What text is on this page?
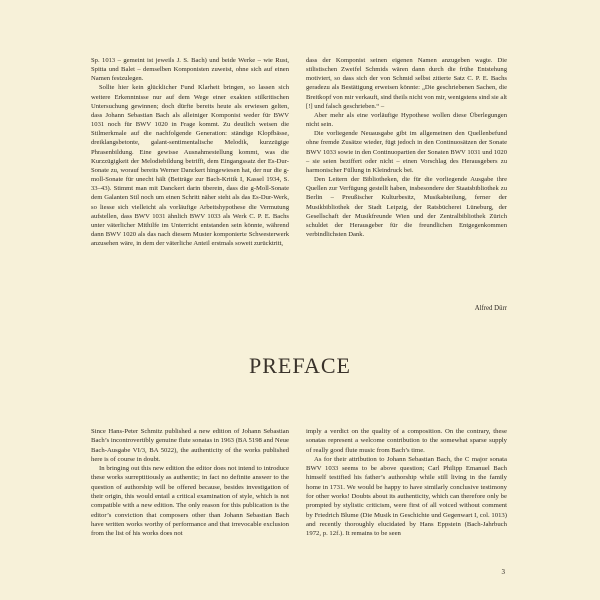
Sp. 1013 – gemeint ist jeweils J. S. Bach) und beide Werke – wie Rust, Spitta und Balet – demselben Komponisten zuweist, ohne sich auf einen Namen festzulegen.

Sollte hier kein glücklicher Fund Klarheit bringen, so lassen sich weitere Erkenntnisse nur auf dem Wege einer exakten stilkritischen Untersuchung gewinnen; doch dürfte bereits heute als erwiesen gelten, dass Johann Sebastian Bach als alleiniger Komponist weder für BWV 1031 noch für BWV 1020 in Frage kommt. Zu deutlich weisen die Stilmerkmale auf die nachfolgende Generation: ständige Klopfbässe, dreiklangsbetonte, galant-sentimentalische Melodik, kurzzügige Phrasenbildung. Eine gewisse Ausnahmestellung kommt, was die Kurzzügigkeit der Melodiebildung betrifft, dem Eingangssatz der Es-Dur-Sonate zu, worauf bereits Werner Danckert hingewiesen hat, der nur die g-moll-Sonate für unecht hält (Beiträge zur Bach-Kritik I, Kassel 1934, S. 33–43). Stimmt man mit Danckert darin überein, dass die g-Moll-Sonate dem Galanten Stil noch um einen Schritt näher steht als das Es-Dur-Werk, so liesse sich vielleicht als vorläufige Arbeitshypothese die Vermutung aufstellen, dass BWV 1031 ähnlich BWV 1033 als Werk C. P. E. Bachs unter väterlicher Mithilfe im Unterricht entstanden sein könnte, während dann BWV 1020 als das nach diesem Muster komponierte Schwesterwerk anzusehen wäre, in dem der väterliche Anteil erstmals soweit zurücktritt,

dass der Komponist seinen eigenen Namen anzugeben wagte. Die stilistischen Zweifel Schmids wären dann durch die frühe Entstehung motiviert, so dass sich der von Schmid selbst zitierte Satz C. P. E. Bachs geradezu als Bestätigung erweisen könnte: „Die geschriebenen Sachen, die Breitkopf von mir verkauft, sind theils nicht von mir, wenigstens sind sie alt [!] und falsch geschrieben.“ –

Aber mehr als eine vorläufige Hypothese wollen diese Überlegungen nicht sein.

Die vorliegende Neuausgabe gibt im allgemeinen den Quellenbefund ohne fremde Zusätze wieder, fügt jedoch in den Continuosätzen der Sonate BWV 1033 sowie in den Continuopartien der Sonaten BWV 1031 und 1020 – sie seien beziffert oder nicht – einen Vorschlag des Herausgebers zu harmonischer Füllung in Kleindruck bei.

Den Leitern der Bibliotheken, die für die vorliegende Ausgabe ihre Quellen zur Verfügung gestellt haben, insbesondere der Staatsbibliothek zu Berlin – Preußischer Kulturbesitz, Musikabteilung, ferner der Musikbibliothek der Stadt Leipzig, der Ratsbücherei Lüneburg, der Gesellschaft der Musikfreunde Wien und der Zentralbibliothek Zürich schuldet der Herausgeber für die freundlichen Entgegenkommen verbindlichsten Dank.

Alfred Dürr
PREFACE

Since Hans-Peter Schmitz published a new edition of Johann Sebastian Bach’s incontrovertibly genuine flute sonatas in 1963 (BA 5198 and Neue Bach-Ausgabe VI/3, BA 5022), the authenticity of the works published here is of course in doubt.

In bringing out this new edition the editor does not intend to introduce these works surreptitiously as authentic; in fact no definite answer to the question of authorship will be offered because, besides investigation of their origin, this would entail a critical examination of style, which is not compatible with a new edition. The only reason for this publication is the editor’s conviction that composers other than Johann Sebastian Bach have written works worthy of performance and that irrevocable exclusion from the list of his works does not

imply a verdict on the quality of a composition. On the contrary, these sonatas represent a welcome contribution to the somewhat sparse supply of really good flute music from Bach’s time.

As for their attribution to Johann Sebastian Bach, the C major sonata BWV 1033 seems to be above question; Carl Philipp Emanuel Bach himself testified his father’s authorship while still living in the family home in 1731. We would be happy to have similarly conclusive testimony for other works! Doubts about its authenticity, which can therefore only be prompted by stylistic criticism, were first of all voiced without comment by Friedrich Blume (Die Musik in Geschichte und Gegenwart I, col. 1013) and recently thoroughly elucidated by Hans Eppstein (Bach-Jahrbuch 1972, p. 12f.). It remains to be seen

3
